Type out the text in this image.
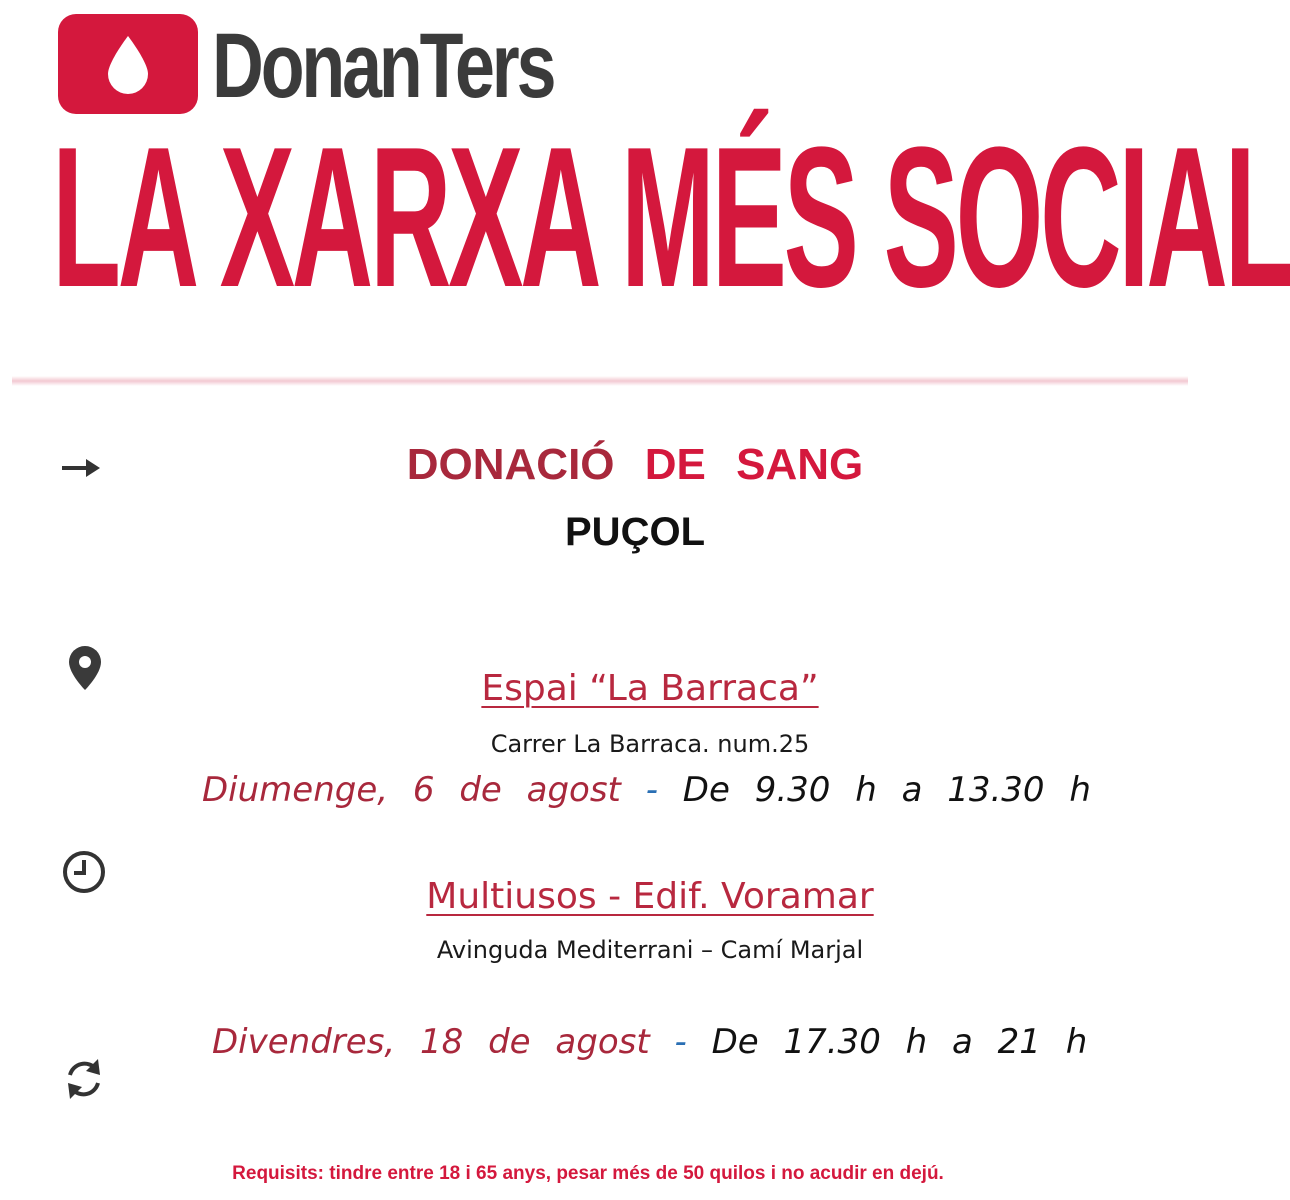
DonanTers
LA XARXA MÉS SOCIAL
DONACIÓ DE SANG
PUÇOL
Espai “La Barraca”
Carrer La Barraca. num.25
Diumenge, 6 de agost - De 9.30 h a 13.30 h
Multiusos - Edif. Voramar
Avinguda Mediterrani – Camí Marjal
Divendres, 18 de agost - De 17.30 h a 21 h
Requisits: tindre entre 18 i 65 anys, pesar més de 50 quilos i no acudir en dejú.
